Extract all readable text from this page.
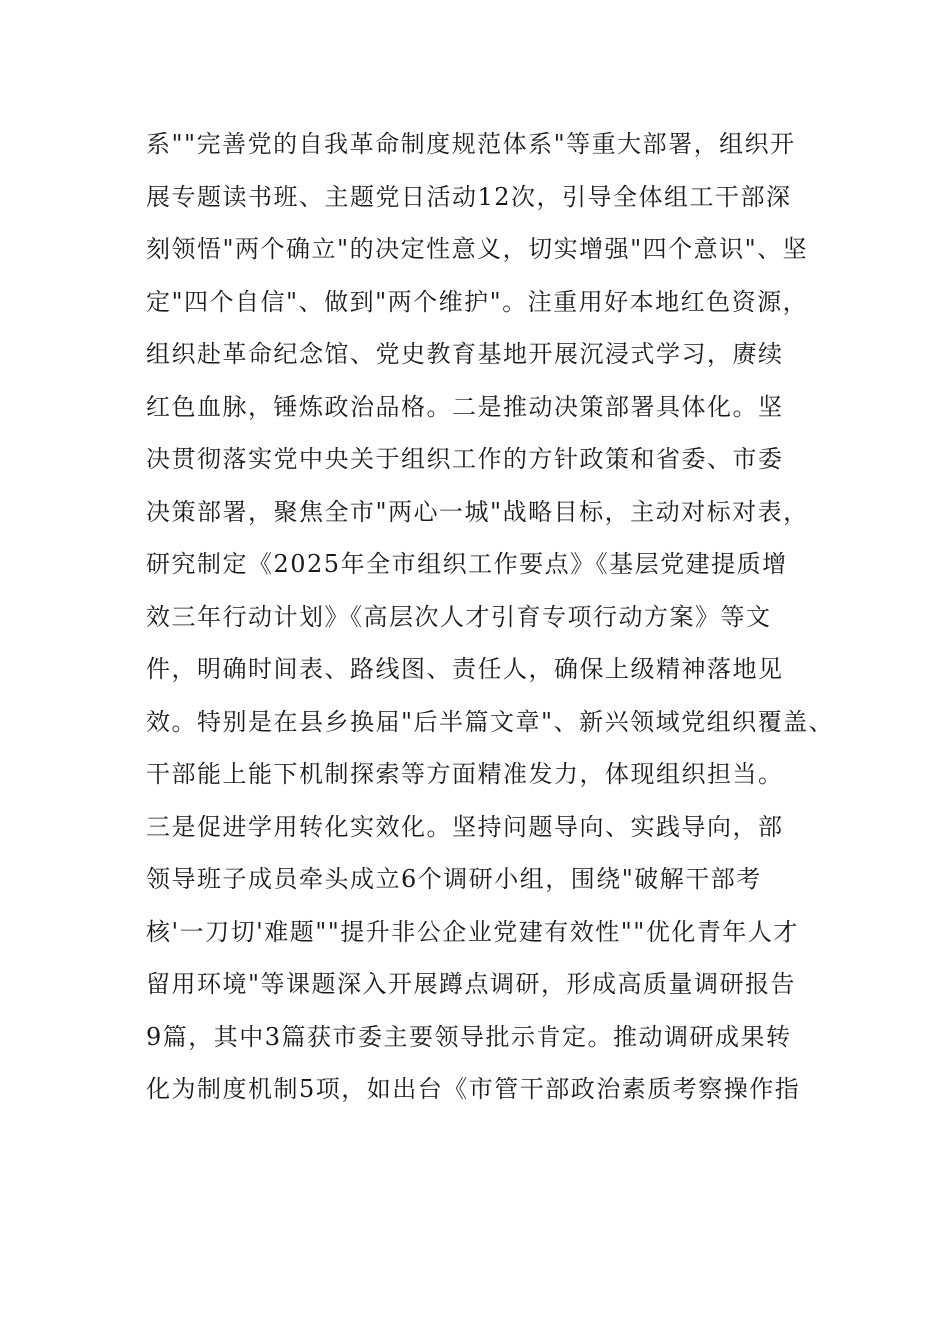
系""完善党的自我革命制度规范体系"等重大部署，组织开
展专题读书班、主题党日活动12次，引导全体组工干部深
刻领悟"两个确立"的决定性意义，切实增强"四个意识"、坚
定"四个自信"、做到"两个维护"。注重用好本地红色资源，
组织赴革命纪念馆、党史教育基地开展沉浸式学习，赓续
红色血脉，锤炼政治品格。二是推动决策部署具体化。坚
决贯彻落实党中央关于组织工作的方针政策和省委、市委
决策部署，聚焦全市"两心一城"战略目标，主动对标对表，
研究制定《2025年全市组织工作要点》《基层党建提质增
效三年行动计划》《高层次人才引育专项行动方案》等文
件，明确时间表、路线图、责任人，确保上级精神落地见
效。特别是在县乡换届"后半篇文章"、新兴领域党组织覆盖、
干部能上能下机制探索等方面精准发力，体现组织担当。
三是促进学用转化实效化。坚持问题导向、实践导向，部
领导班子成员牵头成立6个调研小组，围绕"破解干部考
核'一刀切'难题""提升非公企业党建有效性""优化青年人才
留用环境"等课题深入开展蹲点调研，形成高质量调研报告
9篇，其中3篇获市委主要领导批示肯定。推动调研成果转
化为制度机制5项，如出台《市管干部政治素质考察操作指
